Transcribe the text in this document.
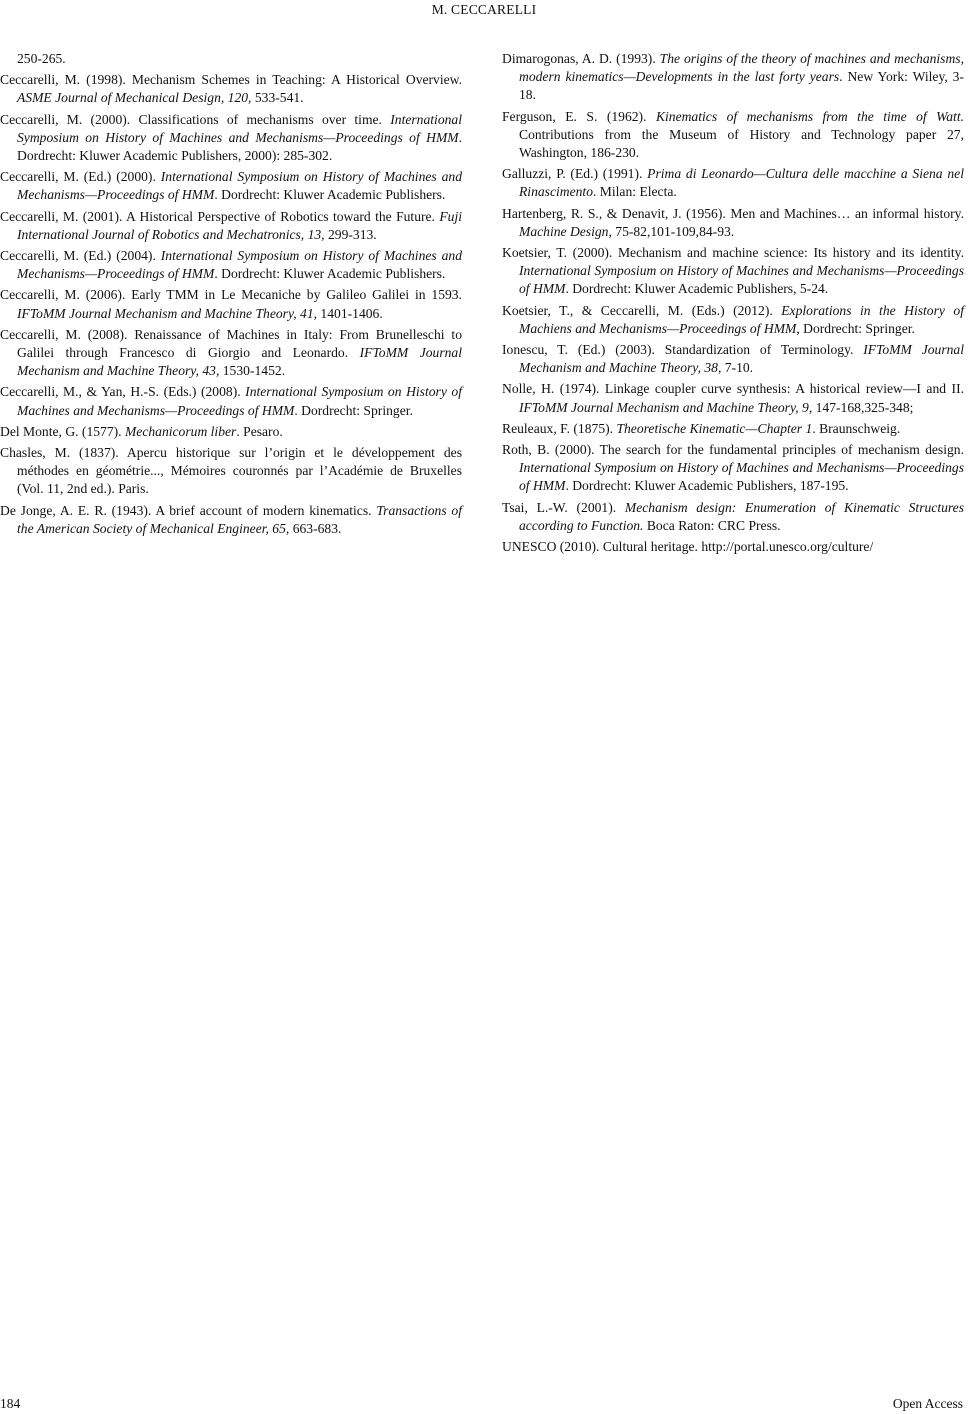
M. CECCARELLI

250-265.

Ceccarelli, M. (1998). Mechanism Schemes in Teaching: A Historical Overview. ASME Journal of Mechanical Design, 120, 533-541.

Ceccarelli, M. (2000). Classifications of mechanisms over time. International Symposium on History of Machines and Mechanisms—Proceedings of HMM. Dordrecht: Kluwer Academic Publishers, 2000): 285-302.

Ceccarelli, M. (Ed.) (2000). International Symposium on History of Machines and Mechanisms—Proceedings of HMM. Dordrecht: Kluwer Academic Publishers.

Ceccarelli, M. (2001). A Historical Perspective of Robotics toward the Future. Fuji International Journal of Robotics and Mechatronics, 13, 299-313.

Ceccarelli, M. (Ed.) (2004). International Symposium on History of Machines and Mechanisms—Proceedings of HMM. Dordrecht: Kluwer Academic Publishers.

Ceccarelli, M. (2006). Early TMM in Le Mecaniche by Galileo Galilei in 1593. IFToMM Journal Mechanism and Machine Theory, 41, 1401-1406.

Ceccarelli, M. (2008). Renaissance of Machines in Italy: From Brunelleschi to Galilei through Francesco di Giorgio and Leonardo. IFToMM Journal Mechanism and Machine Theory, 43, 1530-1452.

Ceccarelli, M., & Yan, H.-S. (Eds.) (2008). International Symposium on History of Machines and Mechanisms—Proceedings of HMM. Dordrecht: Springer.

Del Monte, G. (1577). Mechanicorum liber. Pesaro.

Chasles, M. (1837). Apercu historique sur l’origin et le développement des méthodes en géométrie..., Mémoires couronnés par l’Académie de Bruxelles (Vol. 11, 2nd ed.). Paris.

De Jonge, A. E. R. (1943). A brief account of modern kinematics. Transactions of the American Society of Mechanical Engineer, 65, 663-683.

Dimarogonas, A. D. (1993). The origins of the theory of machines and mechanisms, modern kinematics—Developments in the last forty years. New York: Wiley, 3-18.

Ferguson, E. S. (1962). Kinematics of mechanisms from the time of Watt. Contributions from the Museum of History and Technology paper 27, Washington, 186-230.

Galluzzi, P. (Ed.) (1991). Prima di Leonardo—Cultura delle macchine a Siena nel Rinascimento. Milan: Electa.

Hartenberg, R. S., & Denavit, J. (1956). Men and Machines… an informal history. Machine Design, 75-82,101-109,84-93.

Koetsier, T. (2000). Mechanism and machine science: Its history and its identity. International Symposium on History of Machines and Mechanisms—Proceedings of HMM. Dordrecht: Kluwer Academic Publishers, 5-24.

Koetsier, T., & Ceccarelli, M. (Eds.) (2012). Explorations in the History of Machiens and Mechanisms—Proceedings of HMM, Dordrecht: Springer.

Ionescu, T. (Ed.) (2003). Standardization of Terminology. IFToMM Journal Mechanism and Machine Theory, 38, 7-10.

Nolle, H. (1974). Linkage coupler curve synthesis: A historical review—I and II. IFToMM Journal Mechanism and Machine Theory, 9, 147-168,325-348;

Reuleaux, F. (1875). Theoretische Kinematic—Chapter 1. Braunschweig.

Roth, B. (2000). The search for the fundamental principles of mechanism design. International Symposium on History of Machines and Mechanisms—Proceedings of HMM. Dordrecht: Kluwer Academic Publishers, 187-195.

Tsai, L.-W. (2001). Mechanism design: Enumeration of Kinematic Structures according to Function. Boca Raton: CRC Press.

UNESCO (2010). Cultural heritage. http://portal.unesco.org/culture/

184	Open Access
